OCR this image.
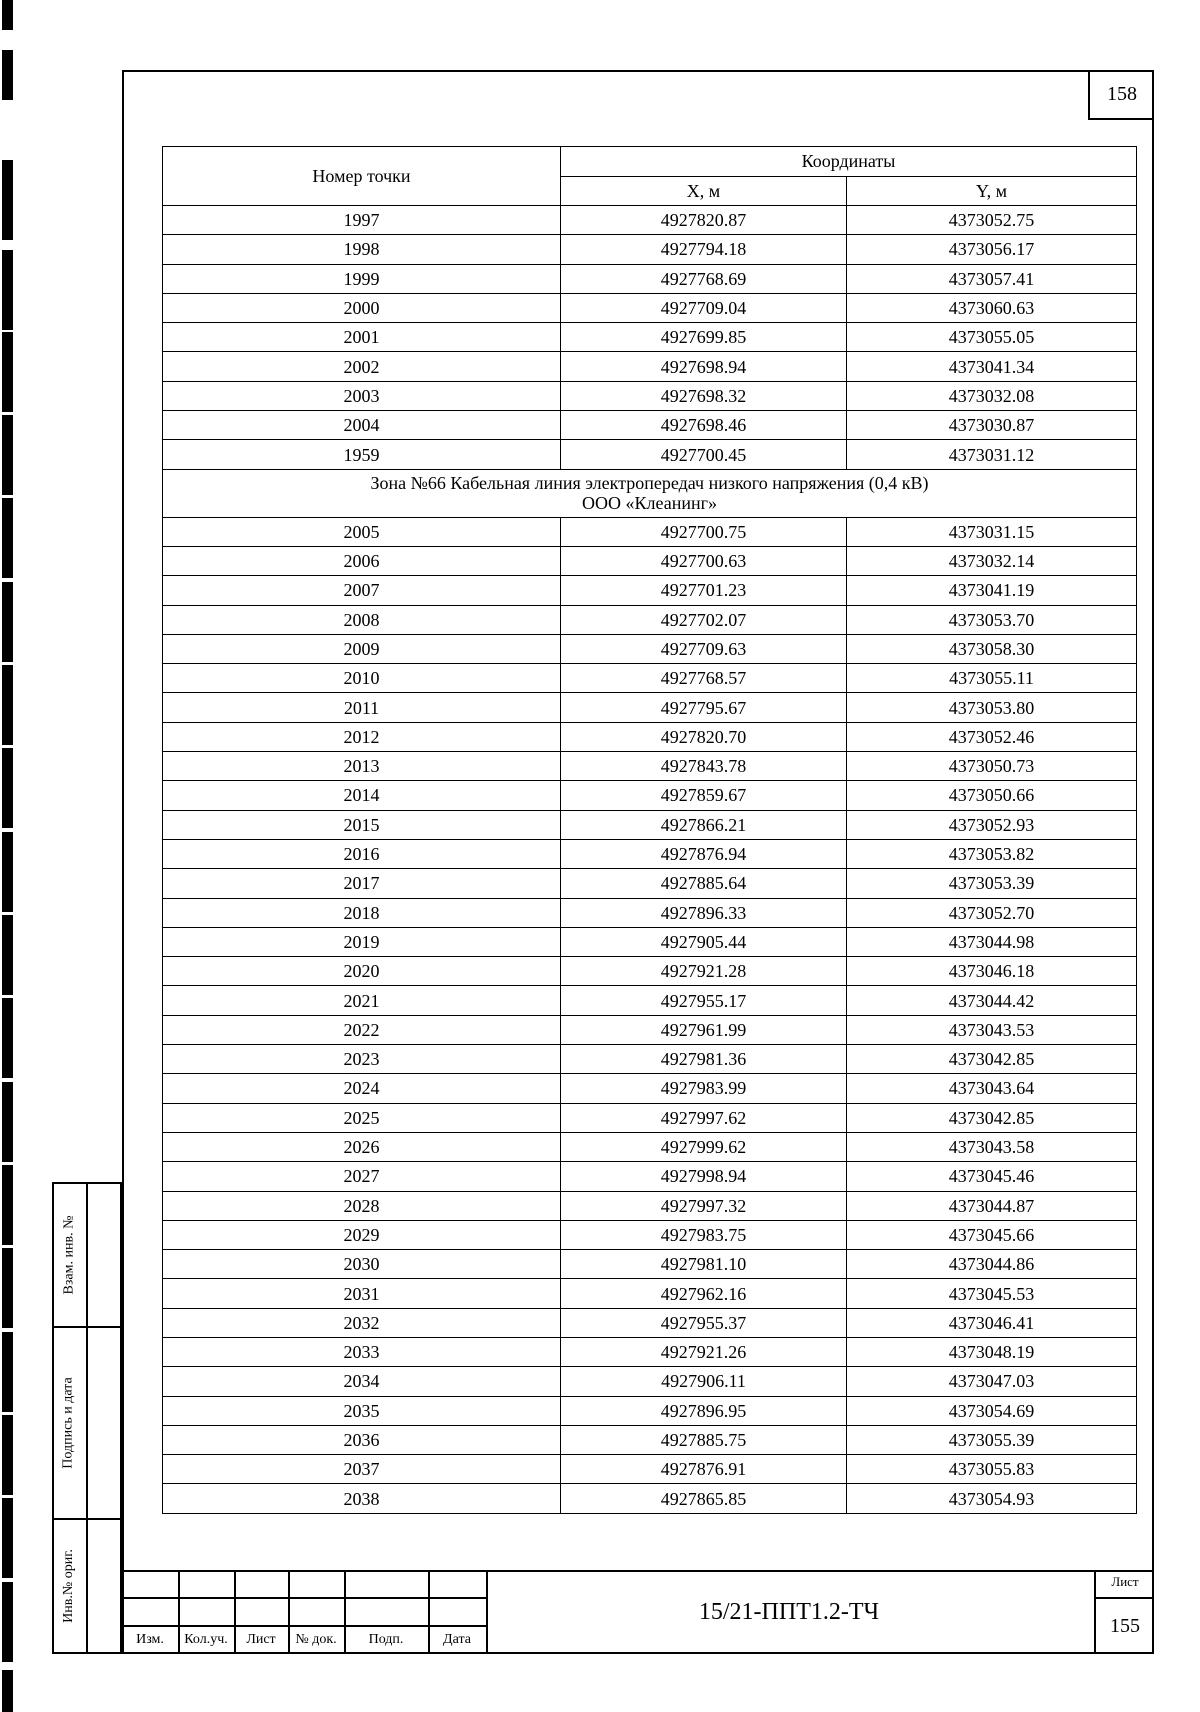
158
Номер точки	Координаты	
	X, м	Y, м
1997	4927820.87	4373052.75
1998	4927794.18	4373056.17
1999	4927768.69	4373057.41
2000	4927709.04	4373060.63
2001	4927699.85	4373055.05
2002	4927698.94	4373041.34
2003	4927698.32	4373032.08
2004	4927698.46	4373030.87
1959	4927700.45	4373031.12

Зона №66 Кабельная линия электропередач низкого напряжения (0,4 кВ)
ООО «Клеанинг»		

2005	4927700.75	4373031.15
2006	4927700.63	4373032.14
2007	4927701.23	4373041.19
2008	4927702.07	4373053.70
2009	4927709.63	4373058.30
2010	4927768.57	4373055.11
2011	4927795.67	4373053.80
2012	4927820.70	4373052.46
2013	4927843.78	4373050.73
2014	4927859.67	4373050.66
2015	4927866.21	4373052.93
2016	4927876.94	4373053.82
2017	4927885.64	4373053.39
2018	4927896.33	4373052.70
2019	4927905.44	4373044.98
2020	4927921.28	4373046.18
2021	4927955.17	4373044.42
2022	4927961.99	4373043.53
2023	4927981.36	4373042.85
2024	4927983.99	4373043.64
2025	4927997.62	4373042.85
2026	4927999.62	4373043.58
2027	4927998.94	4373045.46
2028	4927997.32	4373044.87
2029	4927983.75	4373045.66
2030	4927981.10	4373044.86
2031	4927962.16	4373045.53
2032	4927955.37	4373046.41
2033	4927921.26	4373048.19
2034	4927906.11	4373047.03
2035	4927896.95	4373054.69
2036	4927885.75	4373055.39
2037	4927876.91	4373055.83
2038	4927865.85	4373054.93
Взам. инв. №
Подпись и дата
Инв.№ ориг.
Изм.	Кол.уч.	Лист	№ док.	Подп.	Дата
15/21-ППТ1.2-ТЧ
Лист
155
